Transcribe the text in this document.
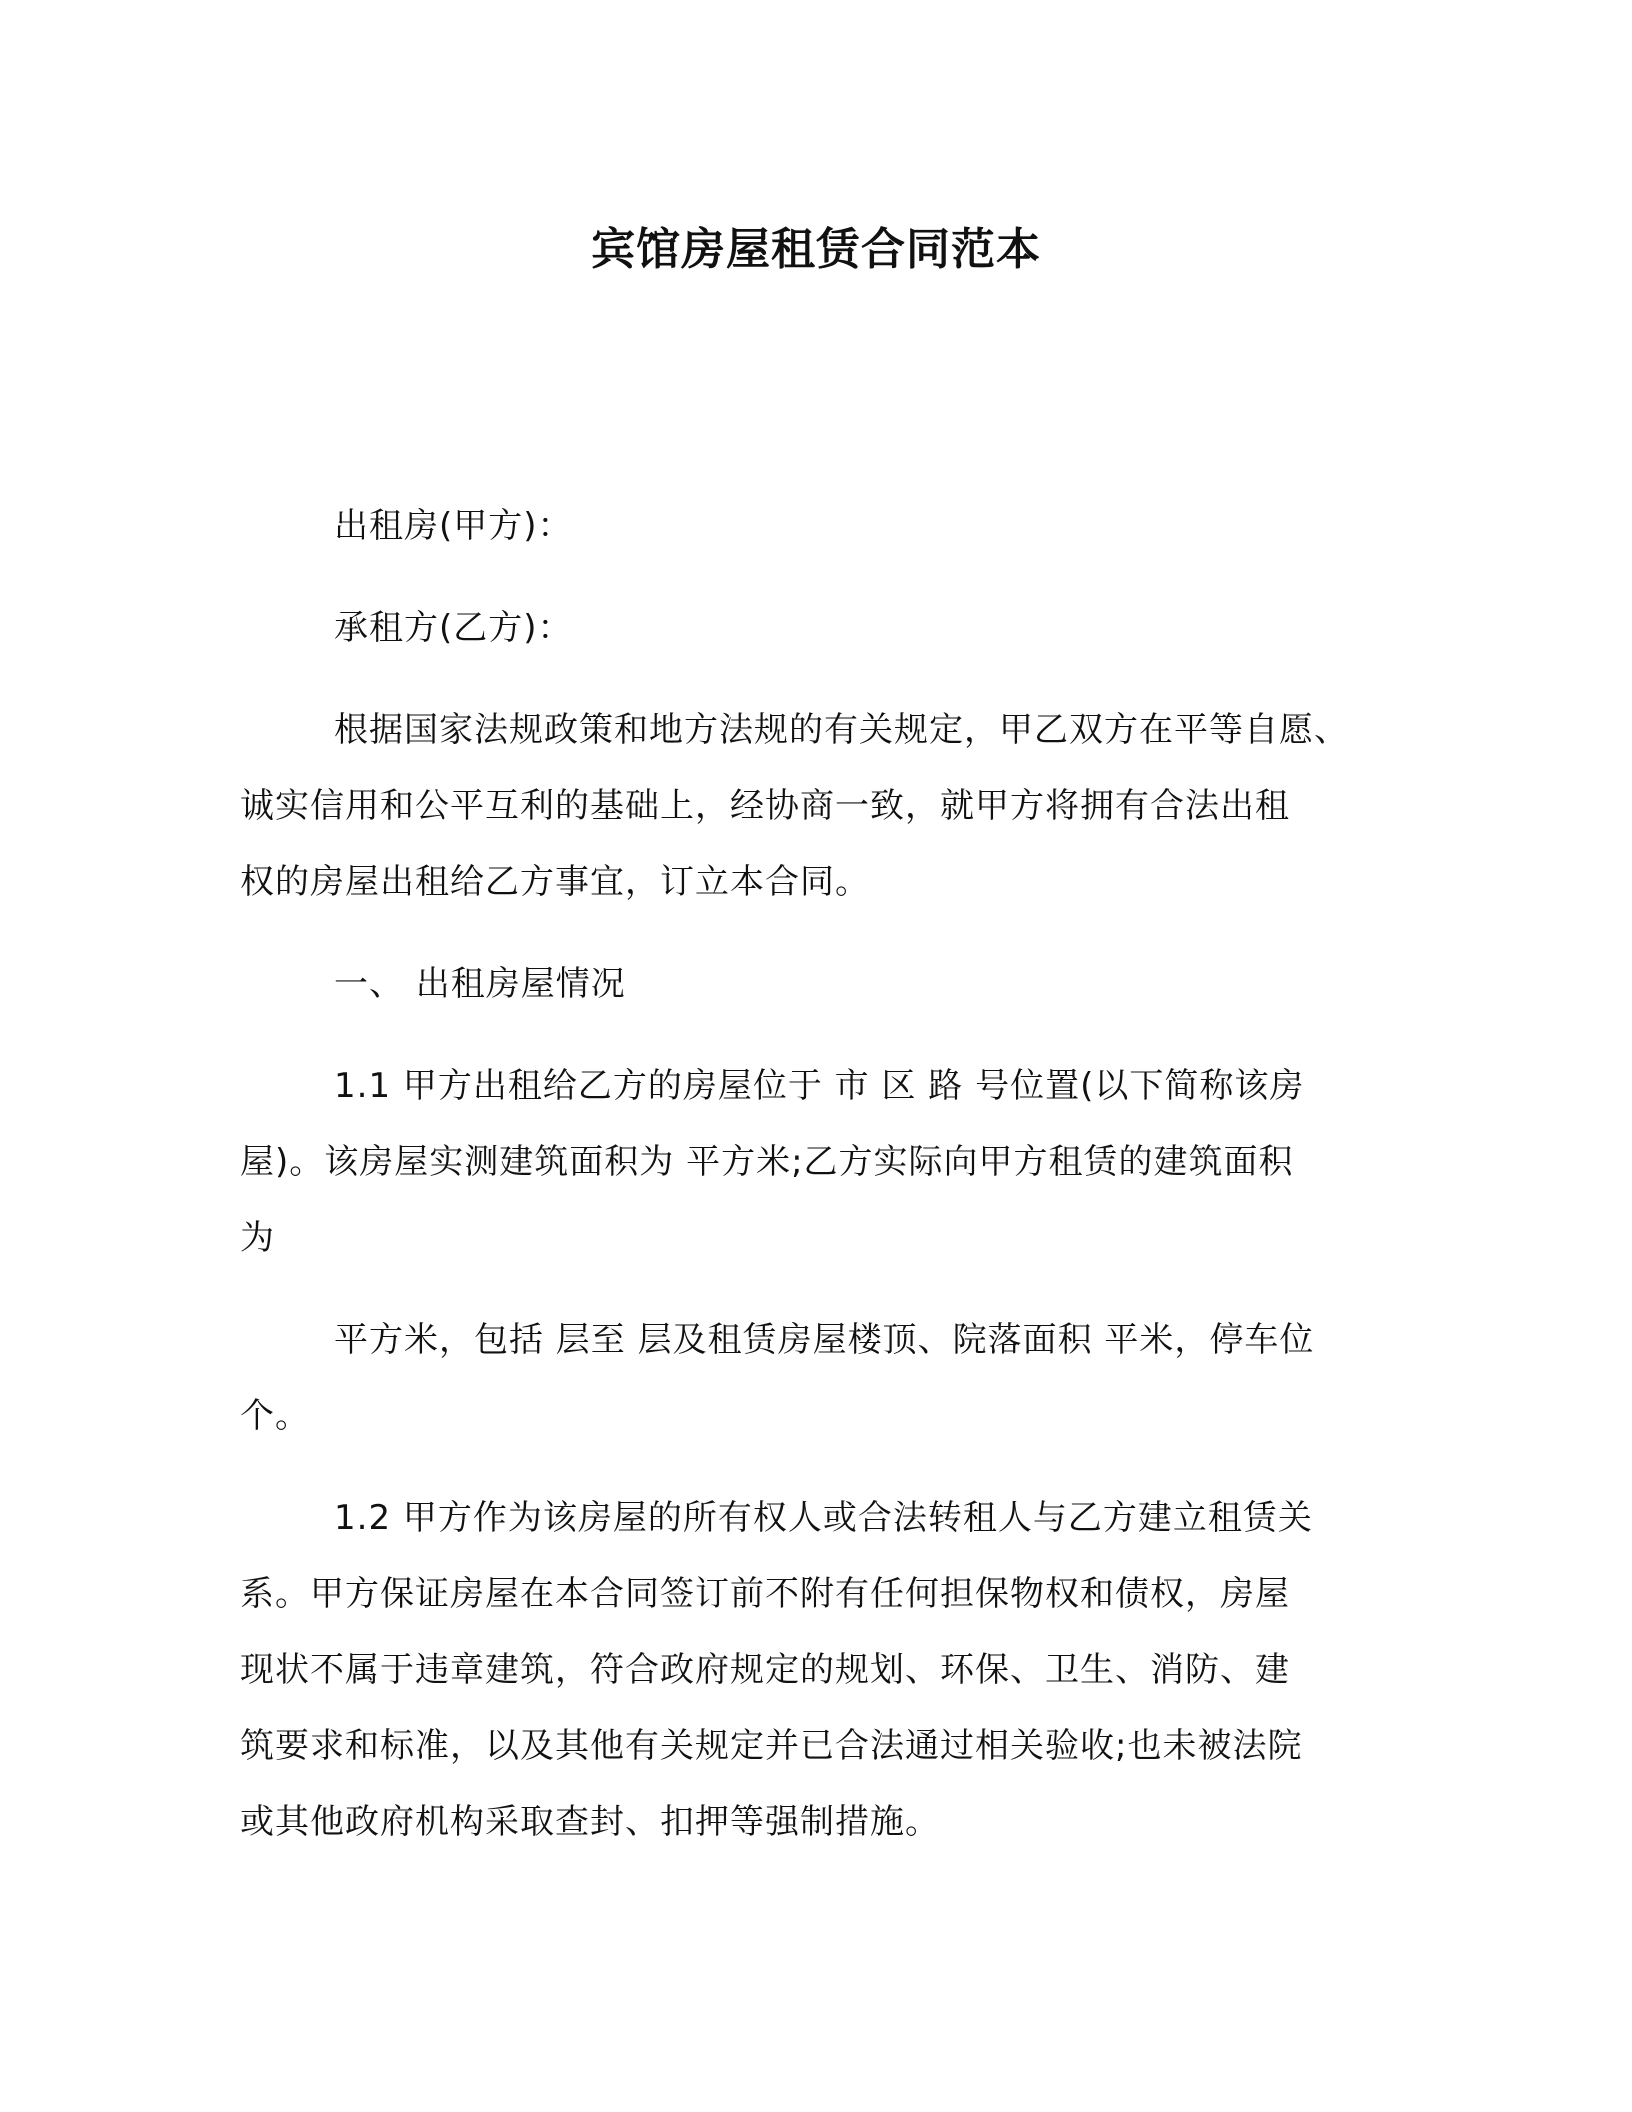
宾馆房屋租赁合同范本

出租房(甲方)：

承租方(乙方)：

根据国家法规政策和地方法规的有关规定，甲乙双方在平等自愿、
诚实信用和公平互利的基础上，经协商一致，就甲方将拥有合法出租
权的房屋出租给乙方事宜，订立本合同。

一、 出租房屋情况

1.1 甲方出租给乙方的房屋位于 市 区 路 号位置(以下简称该房
屋)。该房屋实测建筑面积为 平方米;乙方实际向甲方租赁的建筑面积
为

平方米，包括 层至 层及租赁房屋楼顶、院落面积 平米，停车位
个。

1.2 甲方作为该房屋的所有权人或合法转租人与乙方建立租赁关
系。甲方保证房屋在本合同签订前不附有任何担保物权和债权，房屋
现状不属于违章建筑，符合政府规定的规划、环保、卫生、消防、建
筑要求和标准，以及其他有关规定并已合法通过相关验收;也未被法院
或其他政府机构采取查封、扣押等强制措施。
